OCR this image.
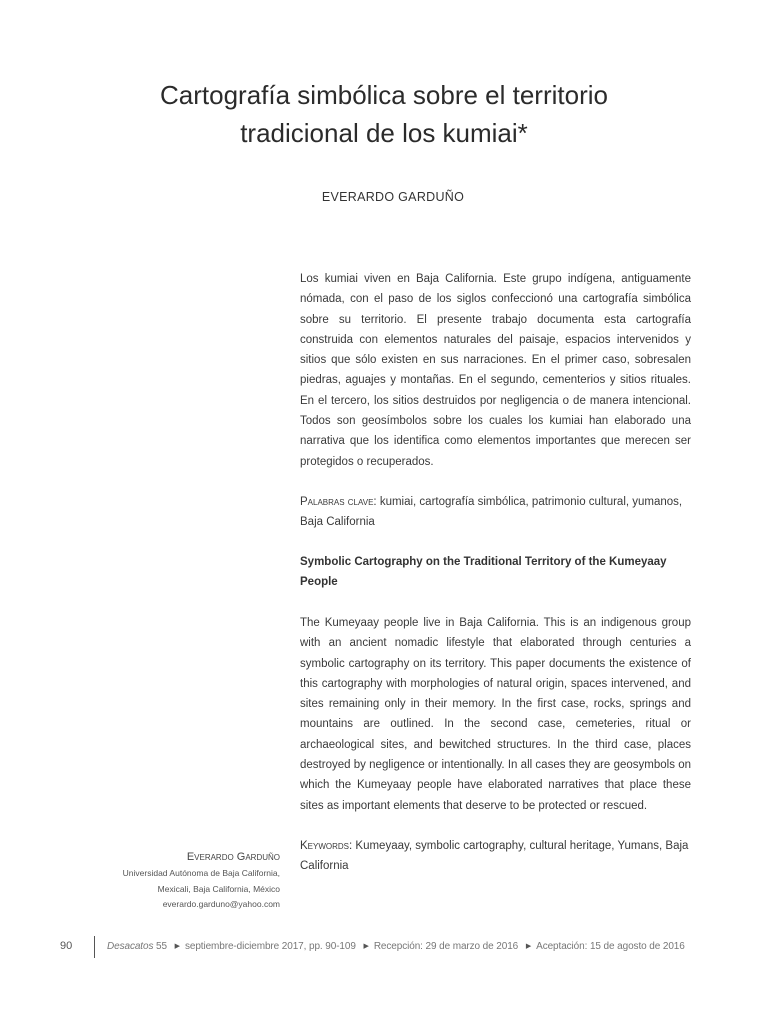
Cartografía simbólica sobre el territorio
tradicional de los kumiai*
EVERARDO GARDUÑO

Los kumiai viven en Baja California. Este grupo indígena, antiguamente nómada, con el paso de los siglos confeccionó una cartografía simbólica sobre su territorio. El presente trabajo documenta esta cartografía construida con elementos naturales del paisaje, espacios intervenidos y sitios que sólo existen en sus narraciones. En el primer caso, sobresalen piedras, aguajes y montañas. En el segundo, cementerios y sitios rituales. En el tercero, los sitios destruidos por negligencia o de manera intencional. Todos son geosímbolos sobre los cuales los kumiai han elaborado una narrativa que los identifica como elementos importantes que merecen ser protegidos o recuperados.

Palabras clave: kumiai, cartografía simbólica, patrimonio cultural, yumanos, Baja California

Symbolic Cartography on the Traditional Territory of the Kumeyaay People

The Kumeyaay people live in Baja California. This is an indigenous group with an ancient nomadic lifestyle that elaborated through centuries a symbolic cartography on its territory. This paper documents the existence of this cartography with morphologies of natural origin, spaces intervened, and sites remaining only in their memory. In the first case, rocks, springs and mountains are outlined. In the second case, cemeteries, ritual or archaeological sites, and bewitched structures. In the third case, places destroyed by negligence or intentionally. In all cases they are geosymbols on which the Kumeyaay people have elaborated narratives that place these sites as important elements that deserve to be protected or rescued.

Keywords: Kumeyaay, symbolic cartography, cultural heritage, Yumans, Baja California

Everardo Garduño
Universidad Autónoma de Baja California,
Mexicali, Baja California, México
everardo.garduno@yahoo.com
90	Desacatos 55 ▶ septiembre-diciembre 2017, pp. 90-109 ▶ Recepción: 29 de marzo de 2016 ▶ Aceptación: 15 de agosto de 2016
